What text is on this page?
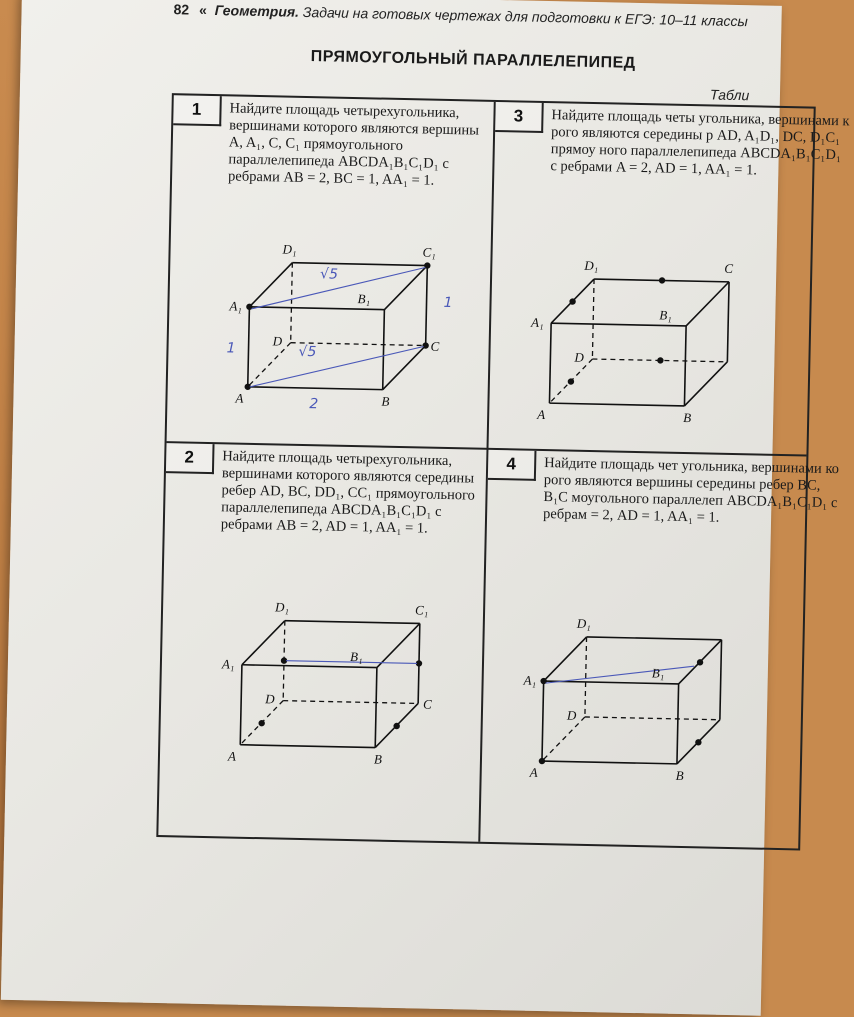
82 « Геометрия. Задачи на готовых чертежах для подготовки к ЕГЭ: 10–11 классы
ПРЯМОУГОЛЬНЫЙ ПАРАЛЛЕЛЕПИПЕД
Табли
1	Найдите площадь четырехугольника, вершинами которого являются вершины A, A₁, C, C₁ прямоугольного параллелепипеда ABCDA₁B₁C₁D₁ с ребрами AB = 2, BC = 1, AA₁ = 1.
A	B
C
D
A₁	B₁
C₁
D₁
1
2
√5
√5
1
3	Найдите площадь четы угольника, вершинами к рого являются середины р AD, A₁D₁, DC, D₁C₁ прямоу ного параллелепипеда ABCDA₁B₁C₁D₁ с ребрами A = 2, AD = 1, AA₁ = 1.
A	B
D
A₁	B₁
C
D₁
2	Найдите площадь четырехугольника, вершинами которого являются середины ребер AD, BC, DD₁, CC₁ прямоугольного параллелепипеда ABCDA₁B₁C₁D₁ с ребрами AB = 2, AD = 1, AA₁ = 1.
A	B
C
D
A₁	B₁
C₁
D₁
4	Найдите площадь чет угольника, вершинами ко рого являются вершины середины ребер BC, B₁C моугольного параллелеп ABCDA₁B₁C₁D₁ с ребрам = 2, AD = 1, AA₁ = 1.
A	B
D
A₁	B₁
D₁
